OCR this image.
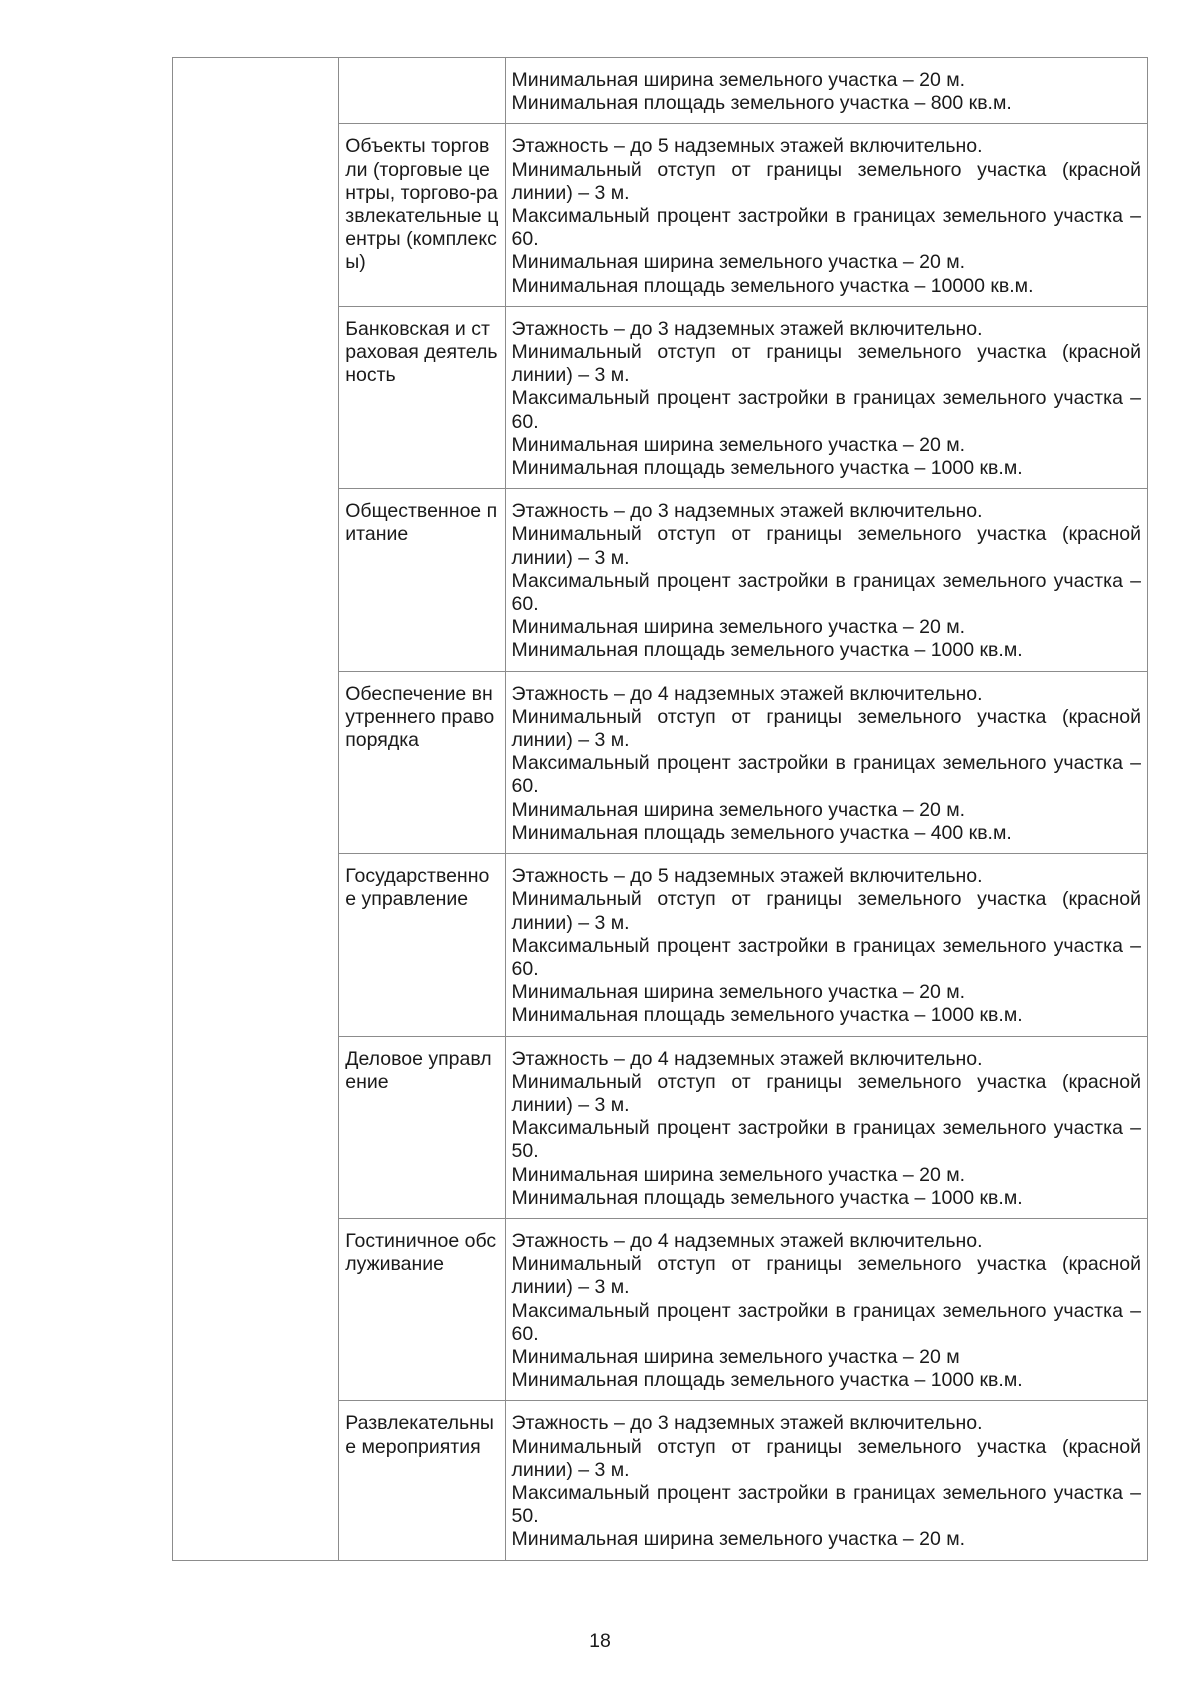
		Минимальная ширина земельного участка – 20 м.
Минимальная площадь земельного участка – 800 кв.м.

	Объекты торговли (торговые центры, торгово-развлекательные центры (комплексы)	Этажность – до 5 надземных этажей включительно.
Минимальный отступ от границы земельного участка (красной линии) – 3 м.
Максимальный процент застройки в границах земельного участка – 60.
Минимальная ширина земельного участка – 20 м.
Минимальная площадь земельного участка – 10000 кв.м.

	Банковская и страховая деятельность	Этажность – до 3 надземных этажей включительно.
Минимальный отступ от границы земельного участка (красной линии) – 3 м.
Максимальный процент застройки в границах земельного участка – 60.
Минимальная ширина земельного участка – 20 м.
Минимальная площадь земельного участка – 1000 кв.м.

	Общественное питание	Этажность – до 3 надземных этажей включительно.
Минимальный отступ от границы земельного участка (красной линии) – 3 м.
Максимальный процент застройки в границах земельного участка – 60.
Минимальная ширина земельного участка – 20 м.
Минимальная площадь земельного участка – 1000 кв.м.

	Обеспечение внутреннего правопорядка	Этажность – до 4 надземных этажей включительно.
Минимальный отступ от границы земельного участка (красной линии) – 3 м.
Максимальный процент застройки в границах земельного участка – 60.
Минимальная ширина земельного участка – 20 м.
Минимальная площадь земельного участка – 400 кв.м.

	Государственное управление	Этажность – до 5 надземных этажей включительно.
Минимальный отступ от границы земельного участка (красной линии) – 3 м.
Максимальный процент застройки в границах земельного участка – 60.
Минимальная ширина земельного участка – 20 м.
Минимальная площадь земельного участка – 1000 кв.м.

	Деловое управление	Этажность – до 4 надземных этажей включительно.
Минимальный отступ от границы земельного участка (красной линии) – 3 м.
Максимальный процент застройки в границах земельного участка – 50.
Минимальная ширина земельного участка – 20 м.
Минимальная площадь земельного участка – 1000 кв.м.

	Гостиничное обслуживание	Этажность – до 4 надземных этажей включительно.
Минимальный отступ от границы земельного участка (красной линии) – 3 м.
Максимальный процент застройки в границах земельного участка – 60.
Минимальная ширина земельного участка – 20 м
Минимальная площадь земельного участка – 1000 кв.м.

	Развлекательные мероприятия	Этажность – до 3 надземных этажей включительно.
Минимальный отступ от границы земельного участка (красной линии) – 3 м.
Максимальный процент застройки в границах земельного участка – 50.
Минимальная ширина земельного участка – 20 м.
18
